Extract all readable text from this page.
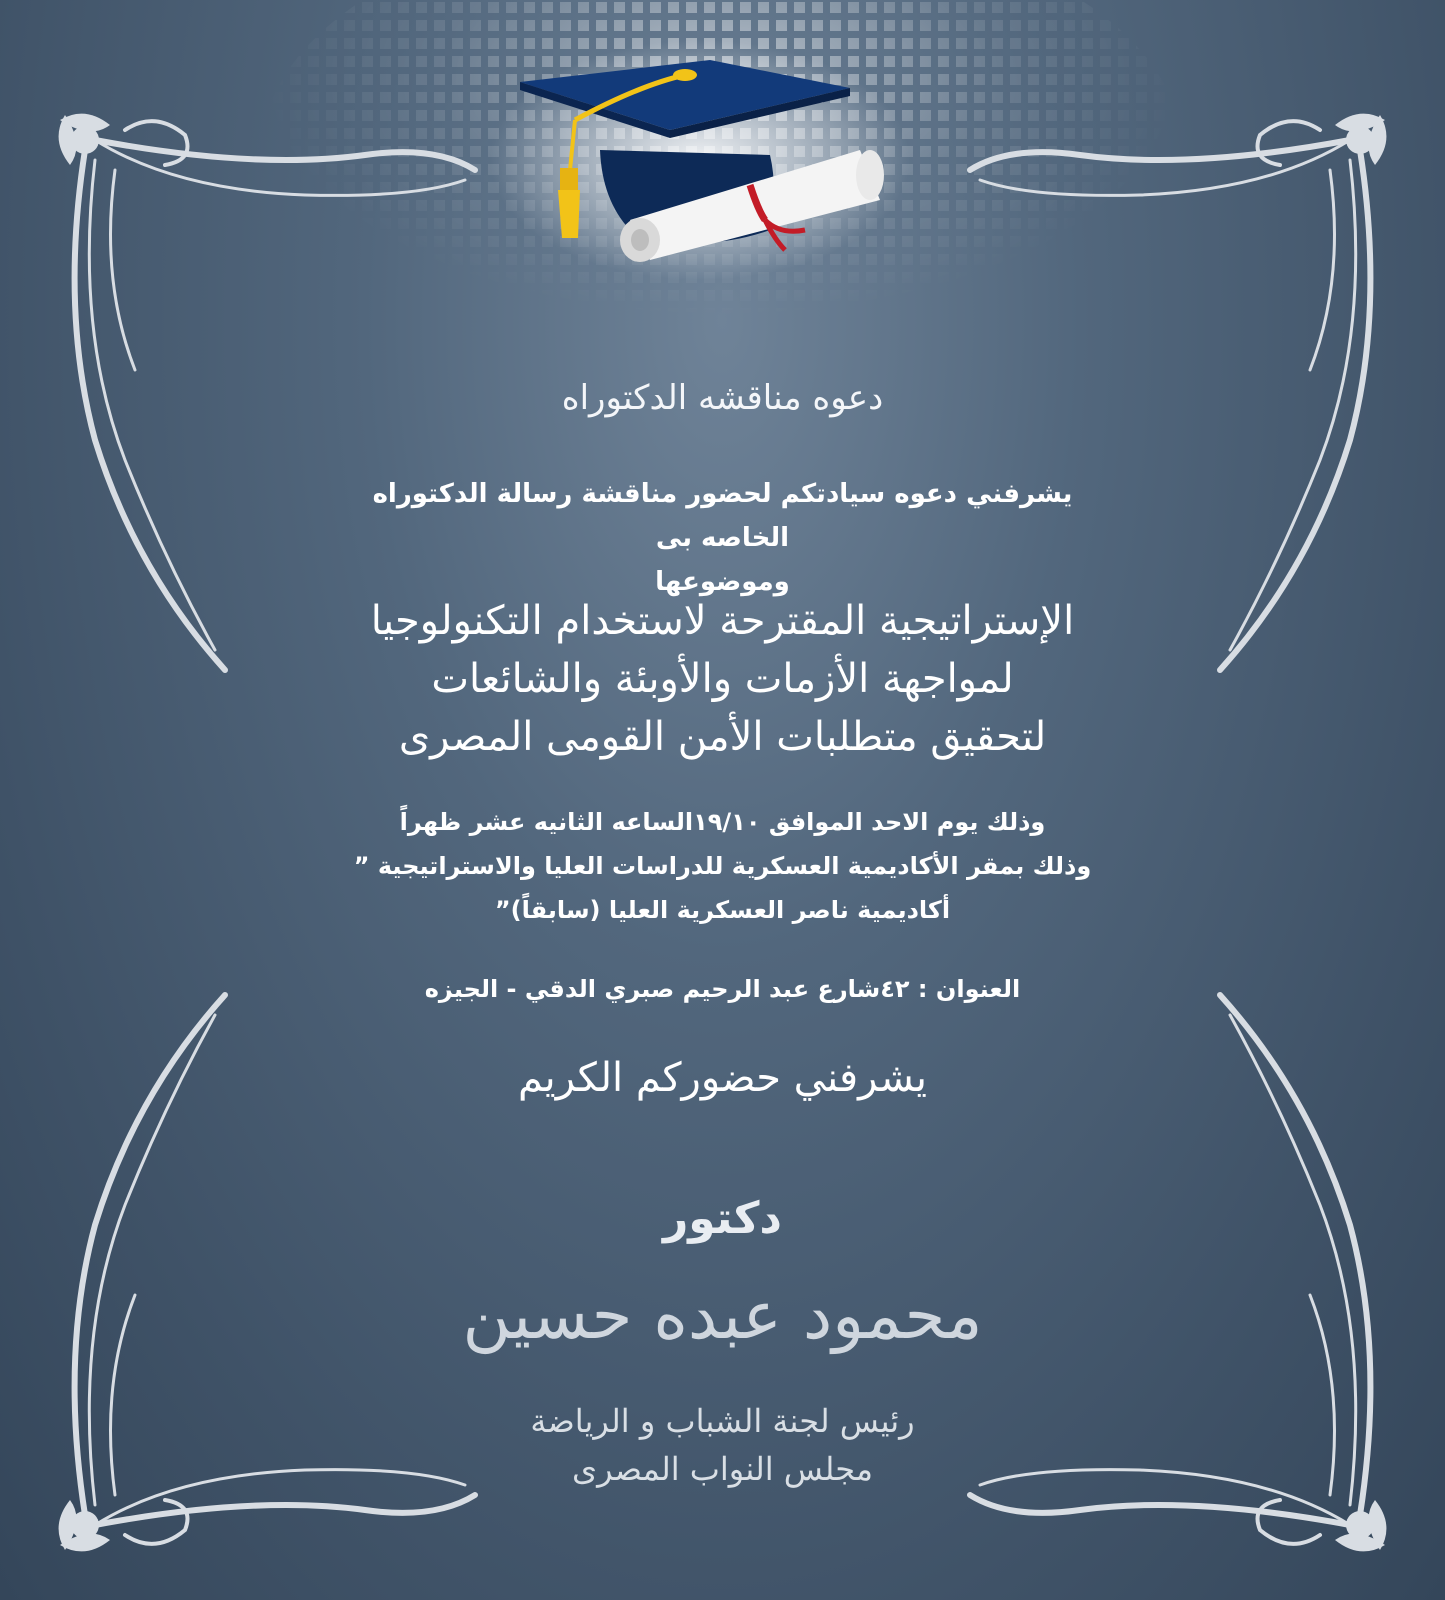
دعوه مناقشه الدكتوراه
يشرفني دعوه سيادتكم لحضور مناقشة رسالة الدكتوراه الخاصه بى
وموضوعها
الإستراتيجية المقترحة لاستخدام التكنولوجيا
لمواجهة الأزمات والأوبئة والشائعات
لتحقيق متطلبات الأمن القومى المصرى
وذلك يوم الاحد الموافق ١٩/١٠الساعه الثانيه عشر ظهراً
وذلك بمقر الأكاديمية العسكرية للدراسات العليا والاستراتيجية ”
أكاديمية ناصر العسكرية العليا (سابقاً)”
العنوان : ٤٢شارع عبد الرحيم صبري الدقي - الجيزه
يشرفني حضوركم الكريم
دكتور
محمود عبده حسين
رئيس لجنة الشباب و الرياضة
مجلس النواب المصرى
